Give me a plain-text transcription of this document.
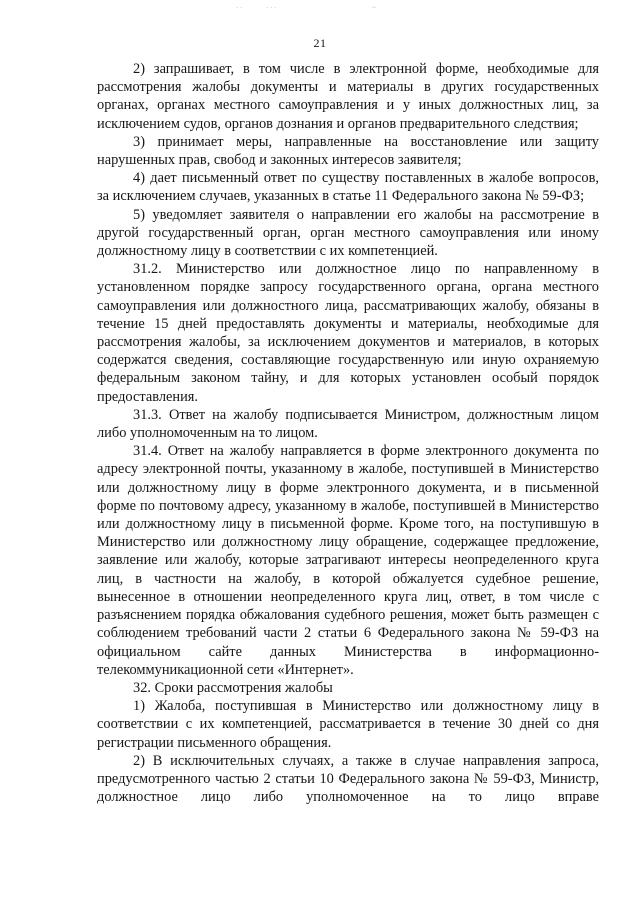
· ·	· · ·	~
21

2) запрашивает, в том числе в электронной форме, необходимые для рассмотрения жалобы документы и материалы в других государственных органах, органах местного самоуправления и у иных должностных лиц, за исключением судов, органов дознания и органов предварительного следствия;

3) принимает меры, направленные на восстановление или защиту нарушенных прав, свобод и законных интересов заявителя;

4) дает письменный ответ по существу поставленных в жалобе вопросов, за исключением случаев, указанных в статье 11 Федерального закона № 59-ФЗ;

5) уведомляет заявителя о направлении его жалобы на рассмотрение в другой государственный орган, орган местного самоуправления или иному должностному лицу в соответствии с их компетенцией.

31.2. Министерство или должностное лицо по направленному в установленном порядке запросу государственного органа, органа местного самоуправления или должностного лица, рассматривающих жалобу, обязаны в течение 15 дней предоставлять документы и материалы, необходимые для рассмотрения жалобы, за исключением документов и материалов, в которых содержатся сведения, составляющие государственную или иную охраняемую федеральным законом тайну, и для которых установлен особый порядок предоставления.

31.3. Ответ на жалобу подписывается Министром, должностным лицом либо уполномоченным на то лицом.

31.4. Ответ на жалобу направляется в форме электронного документа по адресу электронной почты, указанному в жалобе, поступившей в Министерство или должностному лицу в форме электронного документа, и в письменной форме по почтовому адресу, указанному в жалобе, поступившей в Министерство или должностному лицу в письменной форме. Кроме того, на поступившую в Министерство или должностному лицу обращение, содержащее предложение, заявление или жалобу, которые затрагивают интересы неопределенного круга лиц, в частности на жалобу, в которой обжалуется судебное решение, вынесенное в отношении неопределенного круга лиц, ответ, в том числе с разъяснением порядка обжалования судебного решения, может быть размещен с соблюдением требований части 2 статьи 6 Федерального закона № 59-ФЗ на официальном сайте данных Министерства в информационно-телекоммуникационной сети «Интернет».

32. Сроки рассмотрения жалобы

1) Жалоба, поступившая в Министерство или должностному лицу в соответствии с их компетенцией, рассматривается в течение 30 дней со дня регистрации письменного обращения.

2) В исключительных случаях, а также в случае направления запроса, предусмотренного частью 2 статьи 10 Федерального закона № 59-ФЗ, Министр, должностное лицо либо уполномоченное на то лицо вправе
